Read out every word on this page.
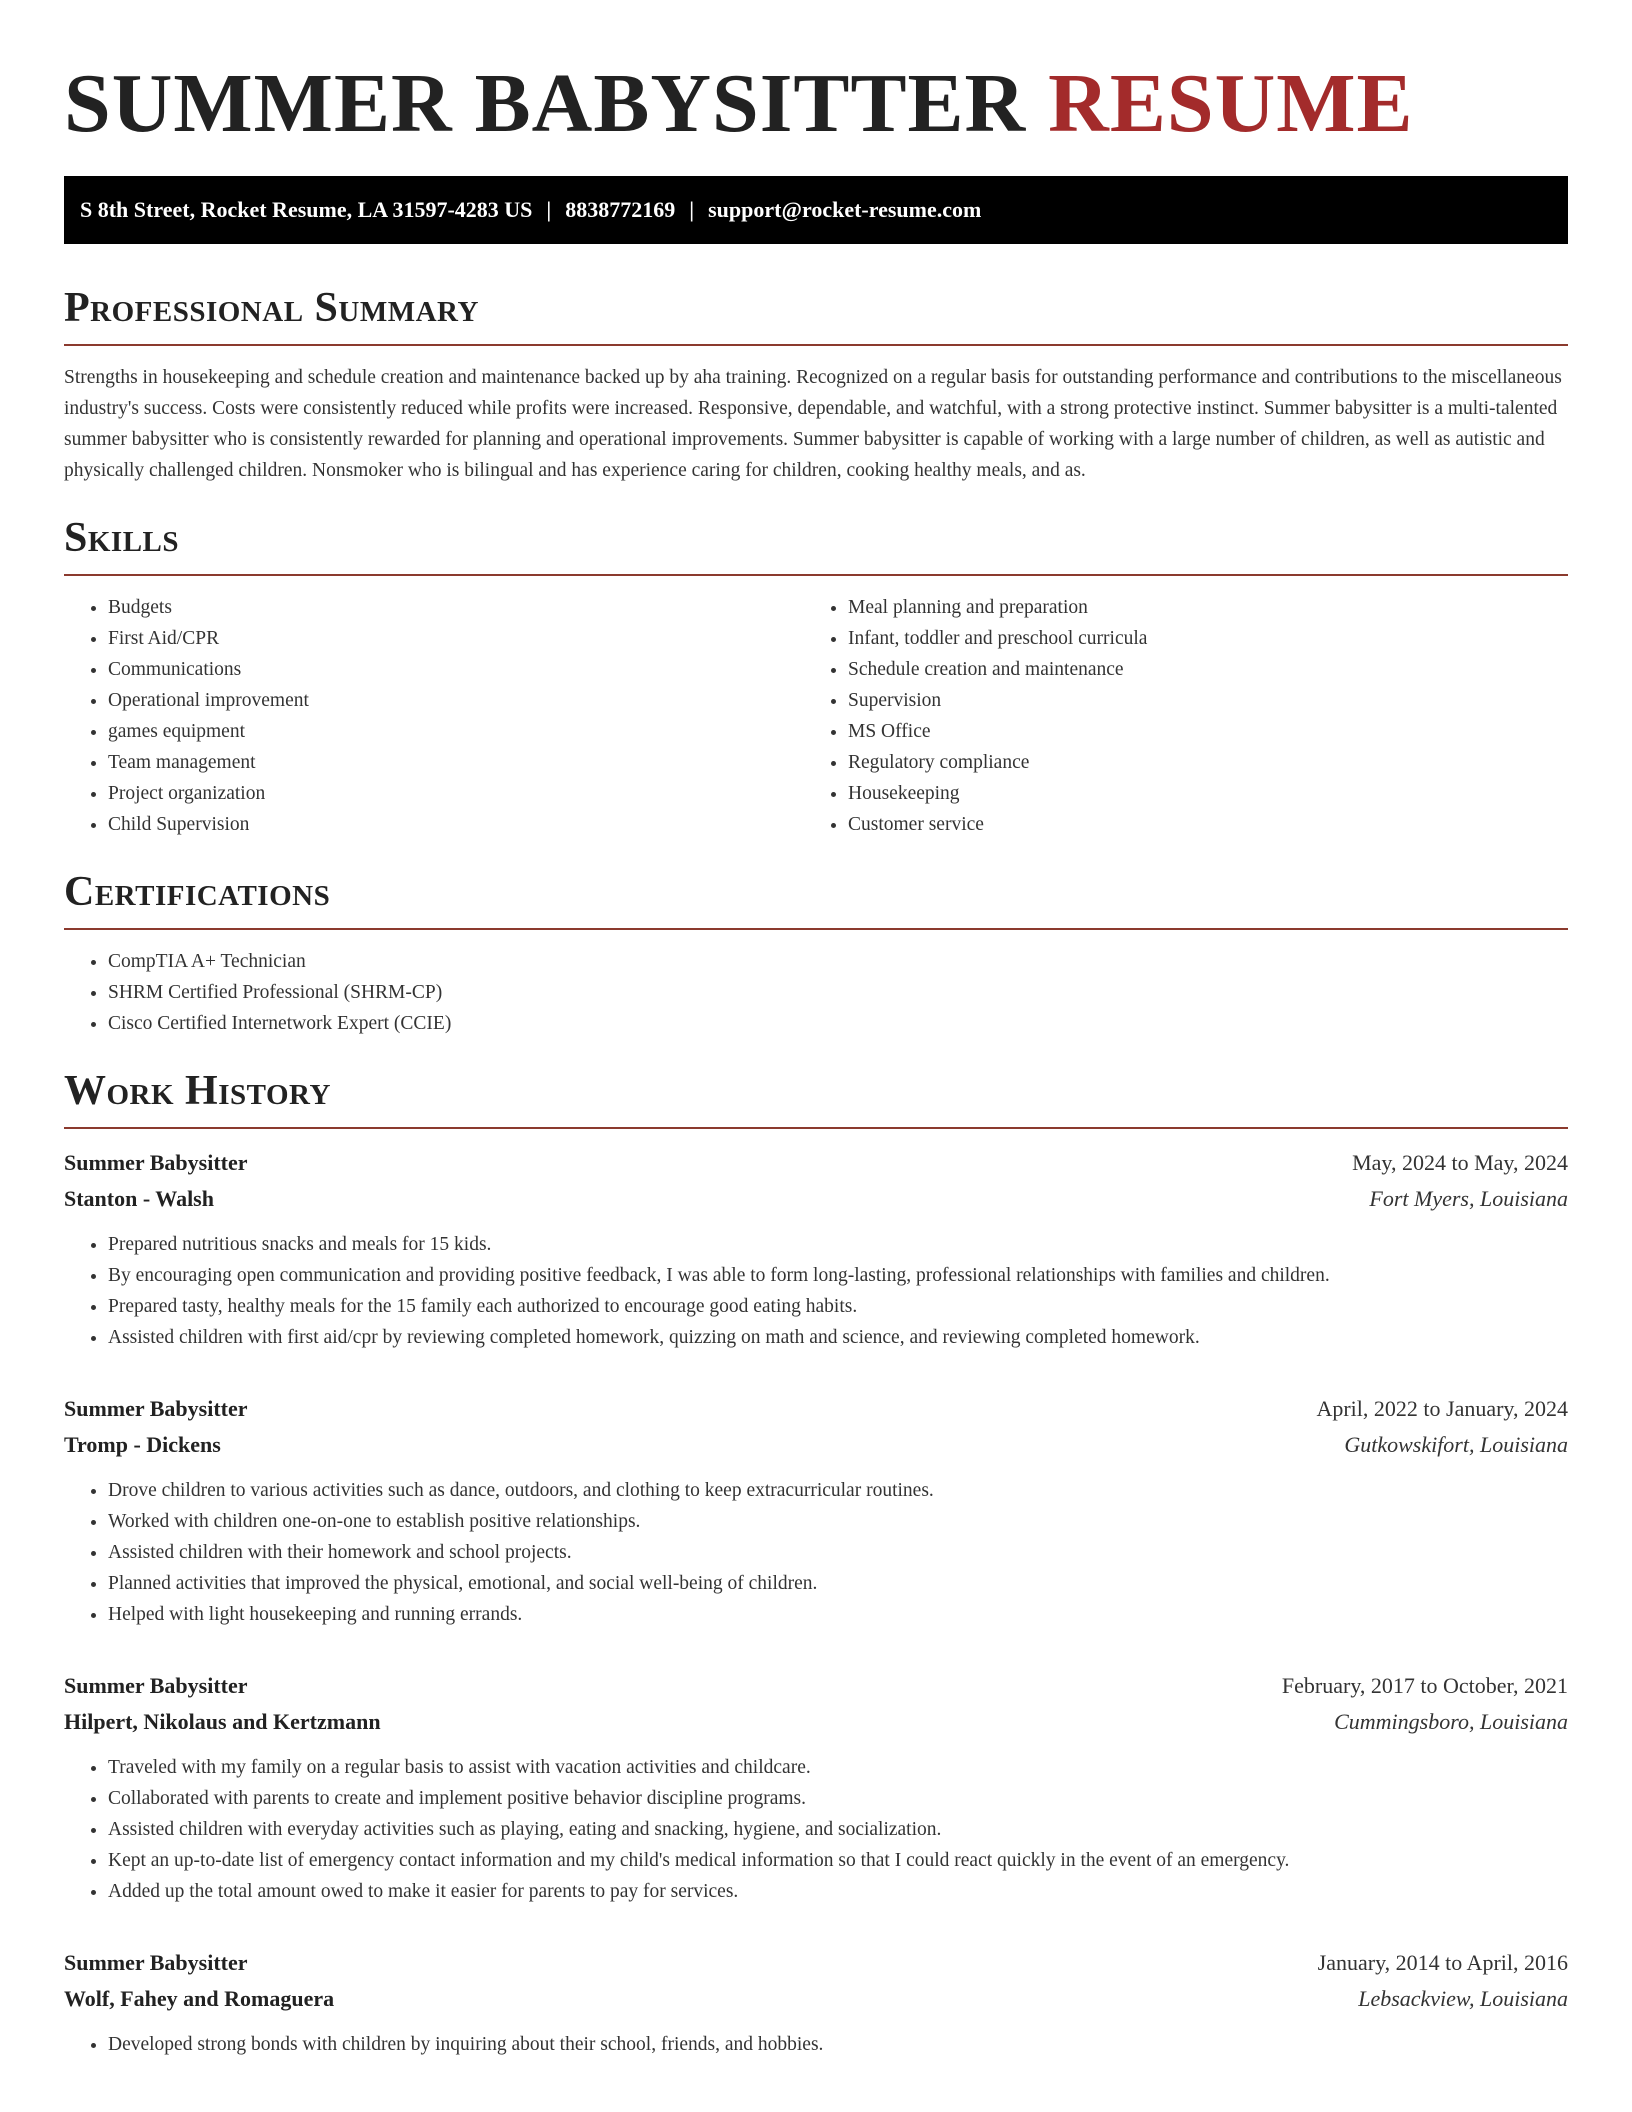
SUMMER BABYSITTER RESUME
S 8th Street, Rocket Resume, LA 31597-4283 US | 8838772169 | support@rocket-resume.com
Professional Summary

Strengths in housekeeping and schedule creation and maintenance backed up by aha training. Recognized on a regular basis for outstanding performance and contributions to the miscellaneous industry's success. Costs were consistently reduced while profits were increased. Responsive, dependable, and watchful, with a strong protective instinct. Summer babysitter is a multi-talented summer babysitter who is consistently rewarded for planning and operational improvements. Summer babysitter is capable of working with a large number of children, as well as autistic and physically challenged children. Nonsmoker who is bilingual and has experience caring for children, cooking healthy meals, and as.

Skills
• Budgets
• First Aid/CPR
• Communications
• Operational improvement
• games equipment
• Team management
• Project organization
• Child Supervision
• Meal planning and preparation
• Infant, toddler and preschool curricula
• Schedule creation and maintenance
• Supervision
• MS Office
• Regulatory compliance
• Housekeeping
• Customer service
Certifications
• CompTIA A+ Technician
• SHRM Certified Professional (SHRM-CP)
• Cisco Certified Internetwork Expert (CCIE)
Work History
Summer Babysitter	May, 2024 to May, 2024
Stanton - Walsh	Fort Myers, Louisiana
• Prepared nutritious snacks and meals for 15 kids.
• By encouraging open communication and providing positive feedback, I was able to form long-lasting, professional relationships with families and children.
• Prepared tasty, healthy meals for the 15 family each authorized to encourage good eating habits.
• Assisted children with first aid/cpr by reviewing completed homework, quizzing on math and science, and reviewing completed homework.
Summer Babysitter	April, 2022 to January, 2024
Tromp - Dickens	Gutkowskifort, Louisiana
• Drove children to various activities such as dance, outdoors, and clothing to keep extracurricular routines.
• Worked with children one-on-one to establish positive relationships.
• Assisted children with their homework and school projects.
• Planned activities that improved the physical, emotional, and social well-being of children.
• Helped with light housekeeping and running errands.
Summer Babysitter	February, 2017 to October, 2021
Hilpert, Nikolaus and Kertzmann	Cummingsboro, Louisiana
• Traveled with my family on a regular basis to assist with vacation activities and childcare.
• Collaborated with parents to create and implement positive behavior discipline programs.
• Assisted children with everyday activities such as playing, eating and snacking, hygiene, and socialization.
• Kept an up-to-date list of emergency contact information and my child's medical information so that I could react quickly in the event of an emergency.
• Added up the total amount owed to make it easier for parents to pay for services.
Summer Babysitter	January, 2014 to April, 2016
Wolf, Fahey and Romaguera	Lebsackview, Louisiana
• Developed strong bonds with children by inquiring about their school, friends, and hobbies.
